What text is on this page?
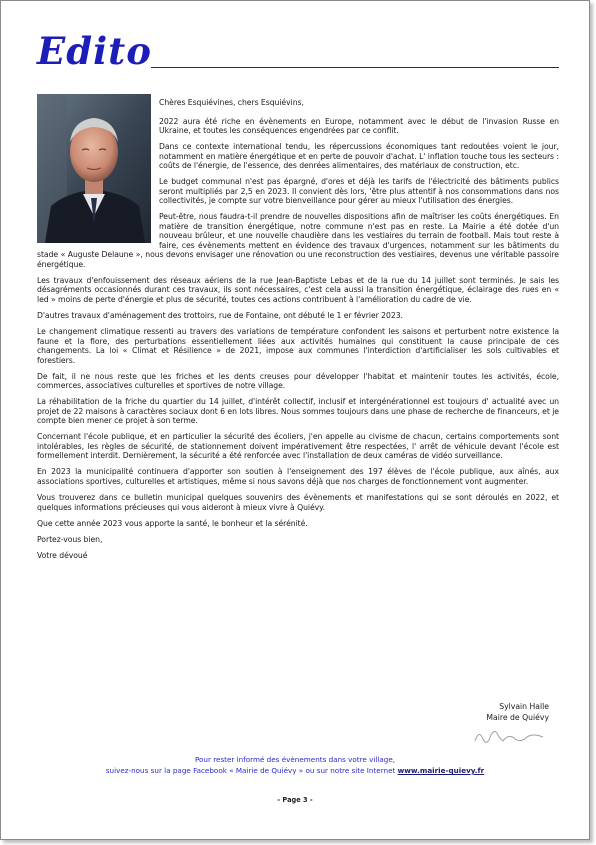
Edito

Chères Esquiévines, chers Esquiévins,

2022 aura été riche en évènements en Europe, notamment avec le début de l'invasion Russe en Ukraine, et toutes les conséquences engendrées par ce conflit.

Dans ce contexte international tendu, les répercussions économiques tant redoutées voient le jour, notamment en matière énergétique et en perte de pouvoir d'achat. L' inflation touche tous les secteurs : coûts de l'énergie, de l'essence, des denrées alimentaires, des matériaux de construction, etc.

Le budget communal n'est pas épargné, d'ores et déjà les tarifs de l'électricité des bâtiments publics seront multipliés par 2,5 en 2023. Il convient dès lors, 'être plus attentif à nos consommations dans nos collectivités, je compte sur votre bienveillance pour gérer au mieux l'utilisation des énergies.

Peut-être, nous faudra-t-il prendre de nouvelles dispositions afin de maîtriser les coûts énergétiques. En matière de transition énergétique, notre commune n'est pas en reste. La Mairie a été dotée d'un nouveau brûleur, et une nouvelle chaudière dans les vestiaires du terrain de football. Mais tout reste à faire, ces évènements mettent en évidence des travaux d'urgences, notamment sur les bâtiments du stade « Auguste Delaune », nous devons envisager une rénovation ou une reconstruction des vestiaires, devenus une véritable passoire énergétique.

Les travaux d'enfouissement des réseaux aériens de la rue Jean-Baptiste Lebas et de la rue du 14 juillet sont terminés. Je sais les désagréments occasionnés durant ces travaux, ils sont nécessaires, c'est cela aussi la transition énergétique, éclairage des rues en « led » moins de perte d'énergie et plus de sécurité, toutes ces actions contribuent à l'amélioration du cadre de vie.

D'autres travaux d'aménagement des trottoirs, rue de Fontaine, ont débuté le 1 er février 2023.

Le changement climatique ressenti au travers des variations de température confondent les saisons et perturbent notre existence la faune et la flore, des perturbations essentiellement liées aux activités humaines qui constituent la cause principale de ces changements. La loi « Climat et Résilience » de 2021, impose aux communes l'interdiction d'artificialiser les sols cultivables et forestiers.

De fait, il ne nous reste que les friches et les dents creuses pour développer l'habitat et maintenir toutes les activités, école, commerces, associatives culturelles et sportives de notre village.

La réhabilitation de la friche du quartier du 14 juillet, d'intérêt collectif, inclusif et intergénérationnel est toujours d' actualité avec un projet de 22 maisons à caractères sociaux dont 6 en lots libres. Nous sommes toujours dans une phase de recherche de financeurs, et je compte bien mener ce projet à son terme.

Concernant l'école publique, et en particulier la sécurité des écoliers, j'en appelle au civisme de chacun, certains comportements sont intolérables, les règles de sécurité, de stationnement doivent impérativement être respectées, l' arrêt de véhicule devant l'école est formellement interdit. Dernièrement, la sécurité a été renforcée avec l'installation de deux caméras de vidéo surveillance.

En 2023 la municipalité continuera d'apporter son soutien à l'enseignement des 197 élèves de l'école publique, aux aînés, aux associations sportives, culturelles et artistiques, même si nous savons déjà que nos charges de fonctionnement vont augmenter.

Vous trouverez dans ce bulletin municipal quelques souvenirs des évènements et manifestations qui se sont déroulés en 2022, et quelques informations précieuses qui vous aideront à mieux vivre à Quiévy.

Que cette année 2023 vous apporte la santé, le bonheur et la sérénité.

Portez-vous bien,

Votre dévoué

Sylvain Halle
Maire de Quiévy
Pour rester informé des évènements dans votre village,
suivez-nous sur la page Facebook « Mairie de Quiévy » ou sur notre site Internet www.mairie-quievy.fr
- Page 3 -
